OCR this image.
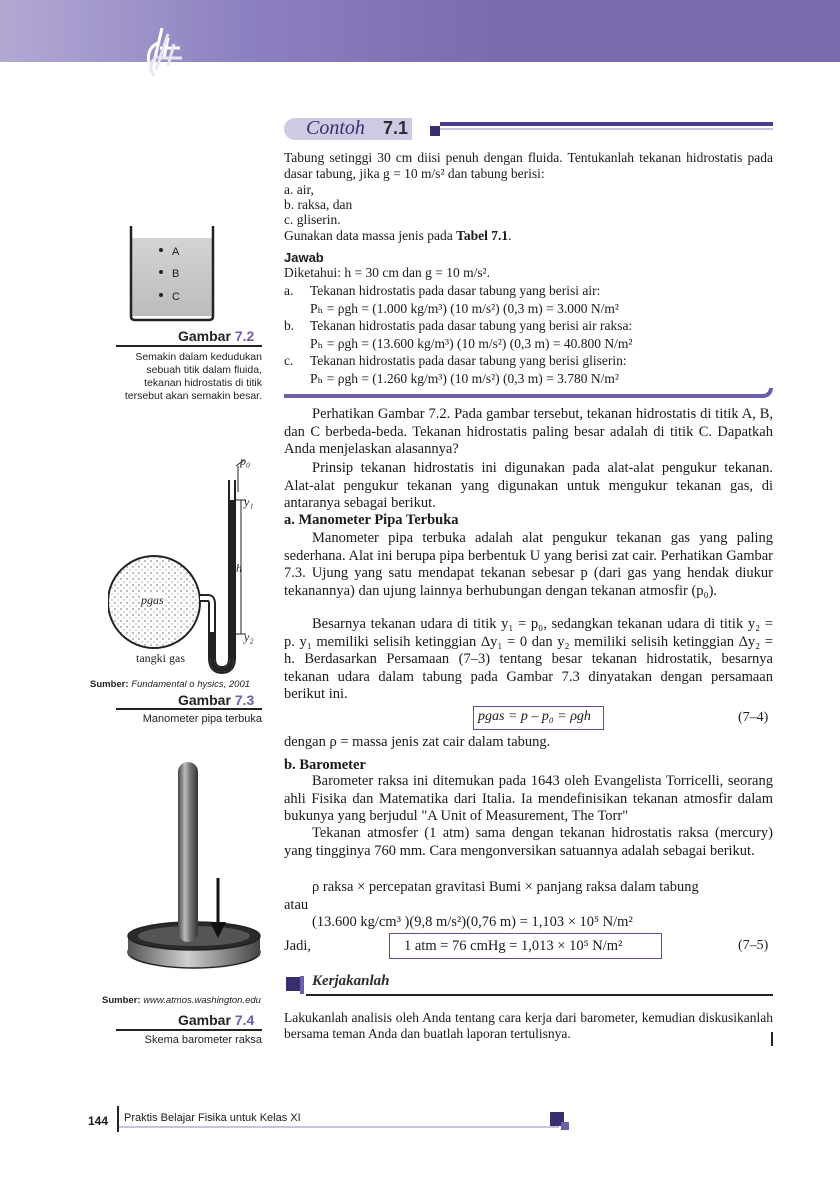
Contoh 7.1
Tabung setinggi 30 cm diisi penuh dengan fluida. Tentukanlah tekanan hidrostatis pada dasar tabung, jika g = 10 m/s² dan tabung berisi:
a. air,
b. raksa, dan
c. gliserin.
Gunakan data massa jenis pada Tabel 7.1.
Jawab
Diketahui: h = 30 cm dan g = 10 m/s².
a. Tekanan hidrostatis pada dasar tabung yang berisi air:
Pₕ = ρgh = (1.000 kg/m³) (10 m/s²) (0,3 m) = 3.000 N/m²
b. Tekanan hidrostatis pada dasar tabung yang berisi air raksa:
Pₕ = ρgh = (13.600 kg/m³) (10 m/s²) (0,3 m) = 40.800 N/m²
c. Tekanan hidrostatis pada dasar tabung yang berisi gliserin:
Pₕ = ρgh = (1.260 kg/m³) (10 m/s²) (0,3 m) = 3.780 N/m²
A
B
C
Gambar 7.2
Semakin dalam kedudukan sebuah titik dalam fluida, tekanan hidrostatis di titik tersebut akan semakin besar.
p₀
y₁
h
y₂
pgas
tangki gas
Sumber: Fundamental o hysics, 2001
Gambar 7.3
Manometer pipa terbuka
Sumber: www.atmos.washington.edu
Gambar 7.4
Skema barometer raksa
Perhatikan Gambar 7.2. Pada gambar tersebut, tekanan hidrostatis di titik A, B, dan C berbeda-beda. Tekanan hidrostatis paling besar adalah di titik C. Dapatkah Anda menjelaskan alasannya?
Prinsip tekanan hidrostatis ini digunakan pada alat-alat pengukur tekanan. Alat-alat pengukur tekanan yang digunakan untuk mengukur tekanan gas, di antaranya sebagai berikut.
a. Manometer Pipa Terbuka
Manometer pipa terbuka adalah alat pengukur tekanan gas yang paling sederhana. Alat ini berupa pipa berbentuk U yang berisi zat cair. Perhatikan Gambar 7.3. Ujung yang satu mendapat tekanan sebesar p (dari gas yang hendak diukur tekanannya) dan ujung lainnya berhubungan dengan tekanan atmosfir (p₀).
Besarnya tekanan udara di titik y₁ = p₀, sedangkan tekanan udara di titik y₂ = p. y₁ memiliki selisih ketinggian Δy₁ = 0 dan y₂ memiliki selisih ketinggian Δy₂ = h. Berdasarkan Persamaan (7–3) tentang besar tekanan hidrostatik, besarnya tekanan udara dalam tabung pada Gambar 7.3 dinyatakan dengan persamaan berikut ini.
pgas = p – p₀ = ρgh	(7–4)
dengan ρ = massa jenis zat cair dalam tabung.
b. Barometer
Barometer raksa ini ditemukan pada 1643 oleh Evangelista Torricelli, seorang ahli Fisika dan Matematika dari Italia. Ia mendefinisikan tekanan atmosfir dalam bukunya yang berjudul "A Unit of Measurement, The Torr"
Tekanan atmosfer (1 atm) sama dengan tekanan hidrostatis raksa (mercury) yang tingginya 760 mm. Cara mengonversikan satuannya adalah sebagai berikut.
ρ raksa × percepatan gravitasi Bumi × panjang raksa dalam tabung
atau
(13.600 kg/cm³ )(9,8 m/s²)(0,76 m) = 1,103 × 10⁵ N/m²
Jadi,	1 atm = 76 cmHg = 1,013 × 10⁵ N/m²	(7–5)
Kerjakanlah
Lakukanlah analisis oleh Anda tentang cara kerja dari barometer, kemudian diskusikanlah bersama teman Anda dan buatlah laporan tertulisnya.
144 Praktis Belajar Fisika untuk Kelas XI
